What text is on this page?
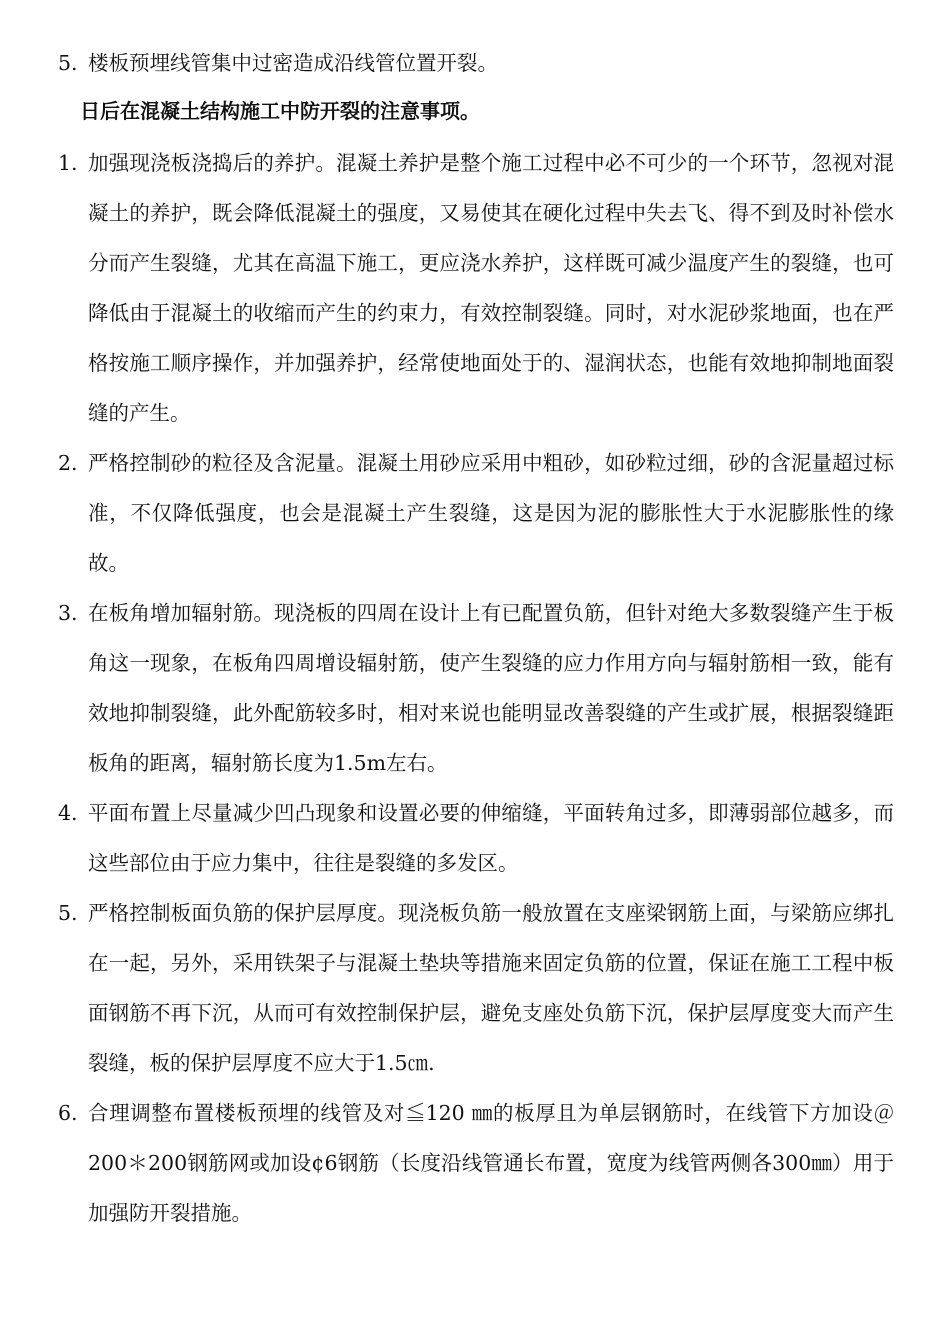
5. 楼板预埋线管集中过密造成沿线管位置开裂。
日后在混凝土结构施工中防开裂的注意事项。
1. 加强现浇板浇捣后的养护。混凝土养护是整个施工过程中必不可少的一个环节，忽视对混凝土的养护，既会降低混凝土的强度，又易使其在硬化过程中失去飞、得不到及时补偿水分而产生裂缝，尤其在高温下施工，更应浇水养护，这样既可减少温度产生的裂缝，也可降低由于混凝土的收缩而产生的约束力，有效控制裂缝。同时，对水泥砂浆地面，也在严格按施工顺序操作，并加强养护，经常使地面处于的、湿润状态，也能有效地抑制地面裂缝的产生。
2. 严格控制砂的粒径及含泥量。混凝土用砂应采用中粗砂，如砂粒过细，砂的含泥量超过标准，不仅降低强度，也会是混凝土产生裂缝，这是因为泥的膨胀性大于水泥膨胀性的缘故。
3. 在板角增加辐射筋。现浇板的四周在设计上有已配置负筋，但针对绝大多数裂缝产生于板角这一现象，在板角四周增设辐射筋，使产生裂缝的应力作用方向与辐射筋相一致，能有效地抑制裂缝，此外配筋较多时，相对来说也能明显改善裂缝的产生或扩展，根据裂缝距板角的距离，辐射筋长度为1.5m左右。
4. 平面布置上尽量减少凹凸现象和设置必要的伸缩缝，平面转角过多，即薄弱部位越多，而这些部位由于应力集中，往往是裂缝的多发区。
5. 严格控制板面负筋的保护层厚度。现浇板负筋一般放置在支座梁钢筋上面，与梁筋应绑扎在一起，另外，采用铁架子与混凝土垫块等措施来固定负筋的位置，保证在施工工程中板面钢筋不再下沉，从而可有效控制保护层，避免支座处负筋下沉，保护层厚度变大而产生裂缝，板的保护层厚度不应大于1.5㎝.
6. 合理调整布置楼板预埋的线管及对≦120 ㎜的板厚且为单层钢筋时，在线管下方加设＠200＊200钢筋网或加设¢6钢筋（长度沿线管通长布置，宽度为线管两侧各300㎜）用于加强防开裂措施。
